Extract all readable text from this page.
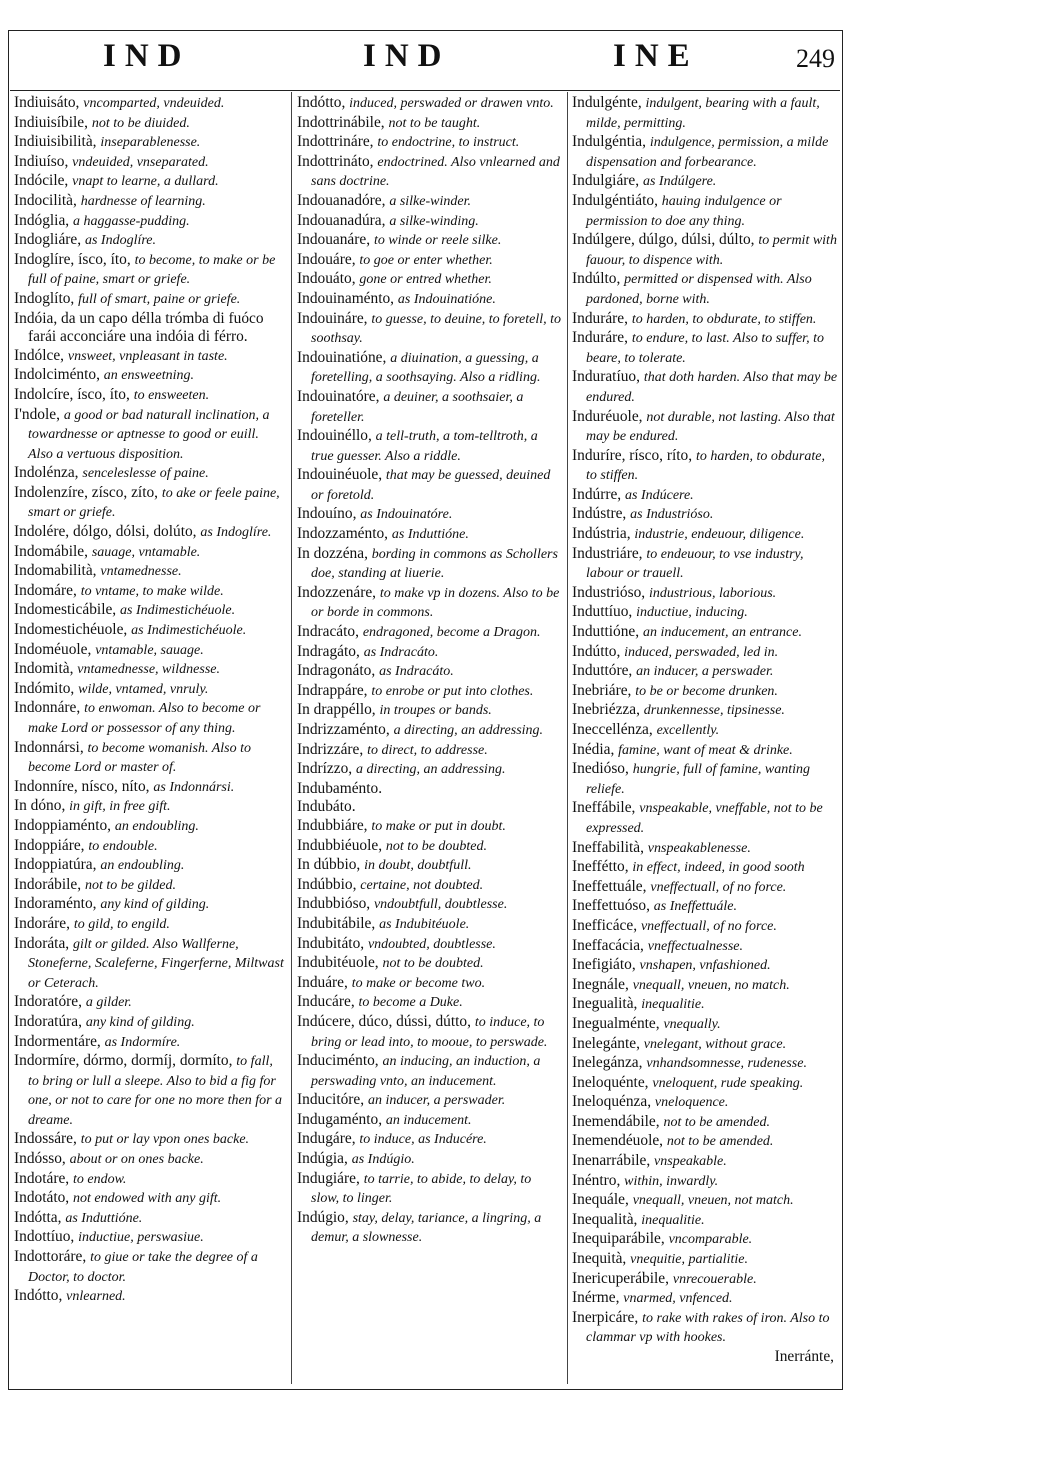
IND	IND	INE	249
Indiuisáto, vncomparted, vndeuided.
Indiuisíbile, not to be diuided.
Indiuisibilità, inseparablenesse.
Indiuíso, vndeuided, vnseparated.
Indócile, vnapt to learne, a dullard.
Indocilità, hardnesse of learning.
Indóglia, a haggasse-pudding.
Indogliáre, as Indoglíre.
Indoglíre, ísco, íto, to become, to make or be full of paine, smart or griefe.
Indoglíto, full of smart, paine or griefe.
Indóia, da un capo délla trómba di fuóco farái acconciáre una indóia di férro.
Indólce, vnsweet, vnpleasant in taste.
Indolciménto, an ensweetning.
Indolcíre, ísco, íto, to ensweeten.
I'ndole, a good or bad naturall inclination, a towardnesse or aptnesse to good or euill. Also a vertuous disposition.
Indolénza, senceleslesse of paine.
Indolenzíre, zísco, zíto, to ake or feele paine, smart or griefe.
Indolére, dólgo, dólsi, dolúto, as Indoglíre.
Indomábile, sauage, vntamable.
Indomabilità, vntamednesse.
Indomáre, to vntame, to make wilde.
Indomesticábile, as Indimestichéuole.
Indomestichéuole, as Indimestichéuole.
Indoméuole, vntamable, sauage.
Indomità, vntamednesse, wildnesse.
Indómito, wilde, vntamed, vnruly.
Indonnáre, to enwoman. Also to become or make Lord or possessor of any thing.
Indonnársi, to become womanish. Also to become Lord or master of.
Indonníre, nísco, níto, as Indonnársi.
In dóno, in gift, in free gift.
Indoppiaménto, an endoubling.
Indoppiáre, to endouble.
Indoppiatúra, an endoubling.
Indorábile, not to be gilded.
Indoraménto, any kind of gilding.
Indoráre, to gild, to engild.
Indoráta, gilt or gilded. Also Wallferne, Stoneferne, Scaleferne, Fingerferne, Miltwast or Ceterach.
Indoratóre, a gilder.
Indoratúra, any kind of gilding.
Indormentáre, as Indormíre.
Indormíre, dórmo, dormíj, dormíto, to fall, to bring or lull a sleepe. Also to bid a fig for one, or not to care for one no more then for a dreame.
Indossáre, to put or lay vpon ones backe.
Indósso, about or on ones backe.
Indotáre, to endow.
Indotáto, not endowed with any gift.
Indótta, as Induttióne.
Indottíuo, inductiue, perswasiue.
Indottoráre, to giue or take the degree of a Doctor, to doctor.
Indótto, vnlearned.
Indótto, induced, perswaded or drawen vnto.
Indottrinábile, not to be taught.
Indottrináre, to endoctrine, to instruct.
Indottrináto, endoctrined. Also vnlearned and sans doctrine.
Indouanadóre, a silke-winder.
Indouanadúra, a silke-winding.
Indouanáre, to winde or reele silke.
Indouáre, to goe or enter whether.
Indouáto, gone or entred whether.
Indouinaménto, as Indouinatióne.
Indouináre, to guesse, to deuine, to foretell, to soothsay.
Indouinatióne, a diuination, a guessing, a foretelling, a soothsaying. Also a ridling.
Indouinatóre, a deuiner, a soothsaier, a foreteller.
Indouinéllo, a tell-truth, a tom-telltroth, a true guesser. Also a riddle.
Indouinéuole, that may be guessed, deuined or foretold.
Indouíno, as Indouinatóre.
Indozzaménto, as Induttióne.
In dozzéna, bording in commons as Schollers doe, standing at liuerie.
Indozzenáre, to make vp in dozens. Also to be or borde in commons.
Indracáto, endragoned, become a Dragon.
Indragáto, as Indracáto.
Indragonáto, as Indracáto.
Indrappáre, to enrobe or put into clothes.
In drappéllo, in troupes or bands.
Indrizzaménto, a directing, an addressing.
Indrizzáre, to direct, to addresse.
Indrízzo, a directing, an addressing.
Indubaménto.
Indubáto.
Indubbiáre, to make or put in doubt.
Indubbiéuole, not to be doubted.
In dúbbio, in doubt, doubtfull.
Indúbbio, certaine, not doubted.
Indubbióso, vndoubtfull, doubtlesse.
Indubitábile, as Indubitéuole.
Indubitáto, vndoubted, doubtlesse.
Indubitéuole, not to be doubted.
Induáre, to make or become two.
Inducáre, to become a Duke.
Indúcere, dúco, dússi, dútto, to induce, to bring or lead into, to mooue, to perswade.
Induciménto, an inducing, an induction, a perswading vnto, an inducement.
Inducitóre, an inducer, a perswader.
Indugaménto, an inducement.
Indugáre, to induce, as Inducére.
Indúgia, as Indúgio.
Indugiáre, to tarrie, to abide, to delay, to slow, to linger.
Indúgio, stay, delay, tariance, a lingring, a demur, a slownesse.
Indulgénte, indulgent, bearing with a fault, milde, permitting.
Indulgéntia, indulgence, permission, a milde dispensation and forbearance.
Indulgiáre, as Indúlgere.
Indulgéntiáto, hauing indulgence or permission to doe any thing.
Indúlgere, dúlgo, dúlsi, dúlto, to permit with fauour, to dispence with.
Indúlto, permitted or dispensed with. Also pardoned, borne with.
Induráre, to harden, to obdurate, to stiffen.
Induráre, to endure, to last. Also to suffer, to beare, to tolerate.
Induratíuo, that doth harden. Also that may be endured.
Induréuole, not durable, not lasting. Also that may be endured.
Induríre, rísco, ríto, to harden, to obdurate, to stiffen.
Indúrre, as Indúcere.
Indústre, as Industrióso.
Indústria, industrie, endeuour, diligence.
Industriáre, to endeuour, to vse industry, labour or trauell.
Industrióso, industrious, laborious.
Induttíuo, inductiue, inducing.
Induttióne, an inducement, an entrance.
Indútto, induced, perswaded, led in.
Induttóre, an inducer, a perswader.
Inebriáre, to be or become drunken.
Inebriézza, drunkennesse, tipsinesse.
Ineccellénza, excellently.
Inédia, famine, want of meat & drinke.
Inedióso, hungrie, full of famine, wanting reliefe.
Ineffábile, vnspeakable, vneffable, not to be expressed.
Ineffabilità, vnspeakablenesse.
Ineffétto, in effect, indeed, in good sooth
Ineffettuále, vneffectuall, of no force.
Ineffettuóso, as Ineffettuále.
Inefficáce, vneffectuall, of no force.
Ineffacácia, vneffectualnesse.
Inefigiáto, vnshapen, vnfashioned.
Inegnále, vnequall, vneuen, no match.
Inegualità, inequalitie.
Inegualménte, vnequally.
Inelegánte, vnelegant, without grace.
Inelegánza, vnhandsomnesse, rudenesse.
Ineloquénte, vneloquent, rude speaking.
Ineloquénza, vneloquence.
Inemendábile, not to be amended.
Inemendéuole, not to be amended.
Inenarrábile, vnspeakable.
Inéntro, within, inwardly.
Inequále, vnequall, vneuen, not match.
Inequalità, inequalitie.
Inequiparábile, vncomparable.
Inequità, vnequitie, partialitie.
Inericuperábile, vnrecouerable.
Inérme, vnarmed, vnfenced.
Inerpicáre, to rake with rakes of iron. Also to clammar vp with hookes.
Inerránte,
